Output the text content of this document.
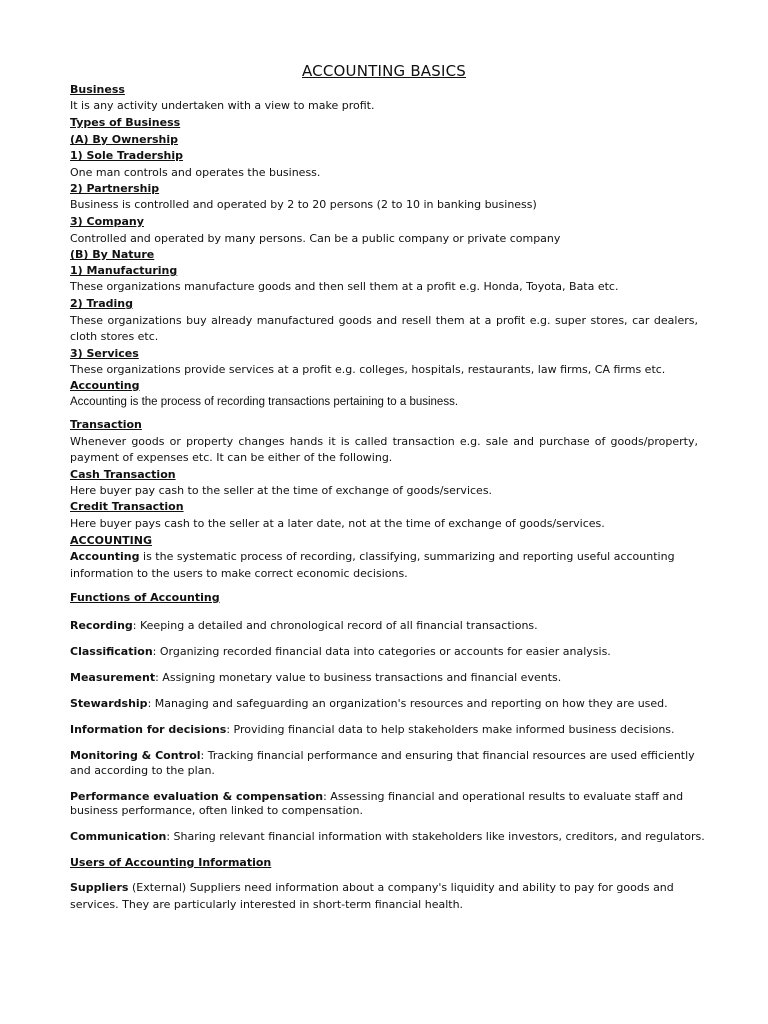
ACCOUNTING BASICS
Business
It is any activity undertaken with a view to make profit.
Types of Business
(A) By Ownership
1) Sole Tradership
One man controls and operates the business.
2) Partnership
Business is controlled and operated by 2 to 20 persons (2 to 10 in banking business)
3) Company
Controlled and operated by many persons. Can be a public company or private company
(B) By Nature
1) Manufacturing
These organizations manufacture goods and then sell them at a profit e.g. Honda, Toyota, Bata etc.
2) Trading
These organizations buy already manufactured goods and resell them at a profit e.g. super stores, car dealers,
cloth stores etc.
3) Services
These organizations provide services at a profit e.g. colleges, hospitals, restaurants, law firms, CA firms etc.
Accounting
Accounting is the process of recording transactions pertaining to a business.
Transaction
Whenever goods or property changes hands it is called transaction e.g. sale and purchase of goods/property,
payment of expenses etc. It can be either of the following.
Cash Transaction
Here buyer pay cash to the seller at the time of exchange of goods/services.
Credit Transaction
Here buyer pays cash to the seller at a later date, not at the time of exchange of goods/services.
ACCOUNTING
Accounting is the systematic process of recording, classifying, summarizing and reporting useful accounting
information to the users to make correct economic decisions.
Functions of Accounting
Recording: Keeping a detailed and chronological record of all financial transactions.
Classification: Organizing recorded financial data into categories or accounts for easier analysis.
Measurement: Assigning monetary value to business transactions and financial events.
Stewardship: Managing and safeguarding an organization's resources and reporting on how they are used.
Information for decisions: Providing financial data to help stakeholders make informed business decisions.
Monitoring & Control: Tracking financial performance and ensuring that financial resources are used efficiently
and according to the plan.
Performance evaluation & compensation: Assessing financial and operational results to evaluate staff and
business performance, often linked to compensation.
Communication: Sharing relevant financial information with stakeholders like investors, creditors, and regulators.
Users of Accounting Information
Suppliers (External) Suppliers need information about a company's liquidity and ability to pay for goods and
services. They are particularly interested in short-term financial health.
